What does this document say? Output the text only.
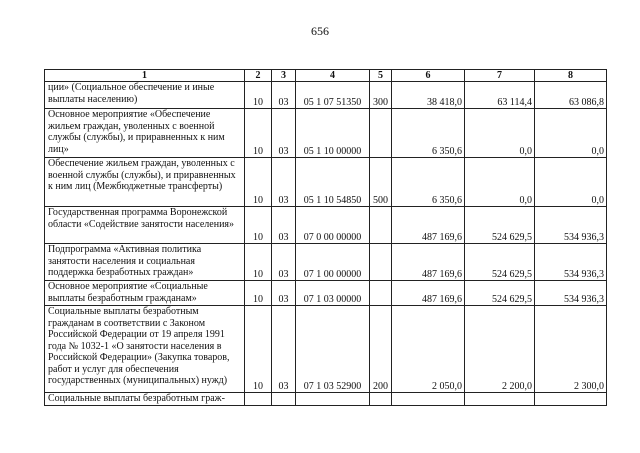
656
1	2	3	4	5	6	7	8
ции» (Социальное обеспечение и иные выплаты населению)	10	03	05 1 07 51350	300	38 418,0	63 114,4	63 086,8
Основное мероприятие «Обеспечение жильем граждан, уволенных с военной службы (службы), и приравненных к ним лиц»	10	03	05 1 10 00000		6 350,6	0,0	0,0
Обеспечение жильем граждан, уволенных с военной службы (службы), и приравненных к ним лиц (Межбюджетные трансферты)	10	03	05 1 10 54850	500	6 350,6	0,0	0,0
Государственная программа Воронежской области «Содействие занятости населения»	10	03	07 0 00 00000		487 169,6	524 629,5	534 936,3
Подпрограмма «Активная политика занятости населения и социальная поддержка безработных граждан»	10	03	07 1 00 00000		487 169,6	524 629,5	534 936,3
Основное мероприятие «Социальные выплаты безработным гражданам»	10	03	07 1 03 00000		487 169,6	524 629,5	534 936,3
Социальные выплаты безработным гражданам в соответствии с Законом Российской Федерации от 19 апреля 1991 года № 1032-1 «О занятости населения в Российской Федерации» (Закупка товаров, работ и услуг для обеспечения государственных (муниципальных) нужд)	10	03	07 1 03 52900	200	2 050,0	2 200,0	2 300,0
Социальные выплаты безработным граж-							
